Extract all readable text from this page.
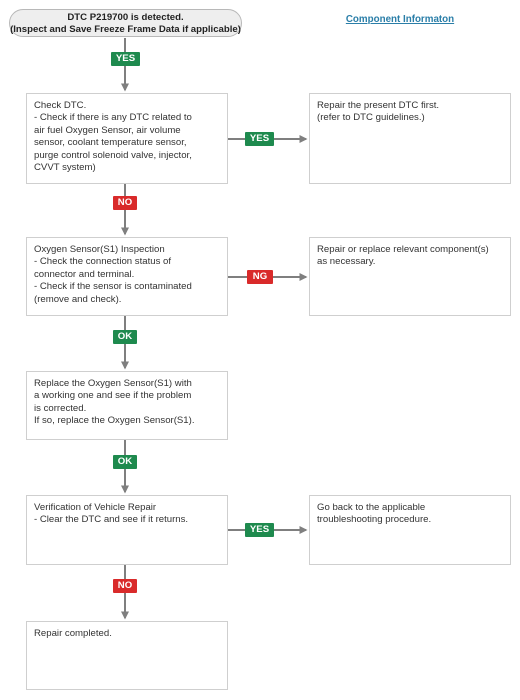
DTC P219700 is detected.
(Inspect and Save Freeze Frame Data if applicable)
Component Informaton
Check DTC.
- Check if there is any DTC related to
air fuel Oxygen Sensor, air volume
sensor, coolant temperature sensor,
purge control solenoid valve, injector,
CVVT system)
Repair the present DTC first.
(refer to DTC guidelines.)
Oxygen Sensor(S1) Inspection
- Check the connection status of
connector and terminal.
- Check if the sensor is contaminated
(remove and check).
Repair or replace relevant component(s)
as necessary.
Replace the Oxygen Sensor(S1) with
a working one and see if the problem
is corrected.
If so, replace the Oxygen Sensor(S1).
Verification of Vehicle Repair
- Clear the DTC and see if it returns.
Go back to the applicable
troubleshooting procedure.
Repair completed.
YES
YES
NO
NG
OK
OK
YES
NO
